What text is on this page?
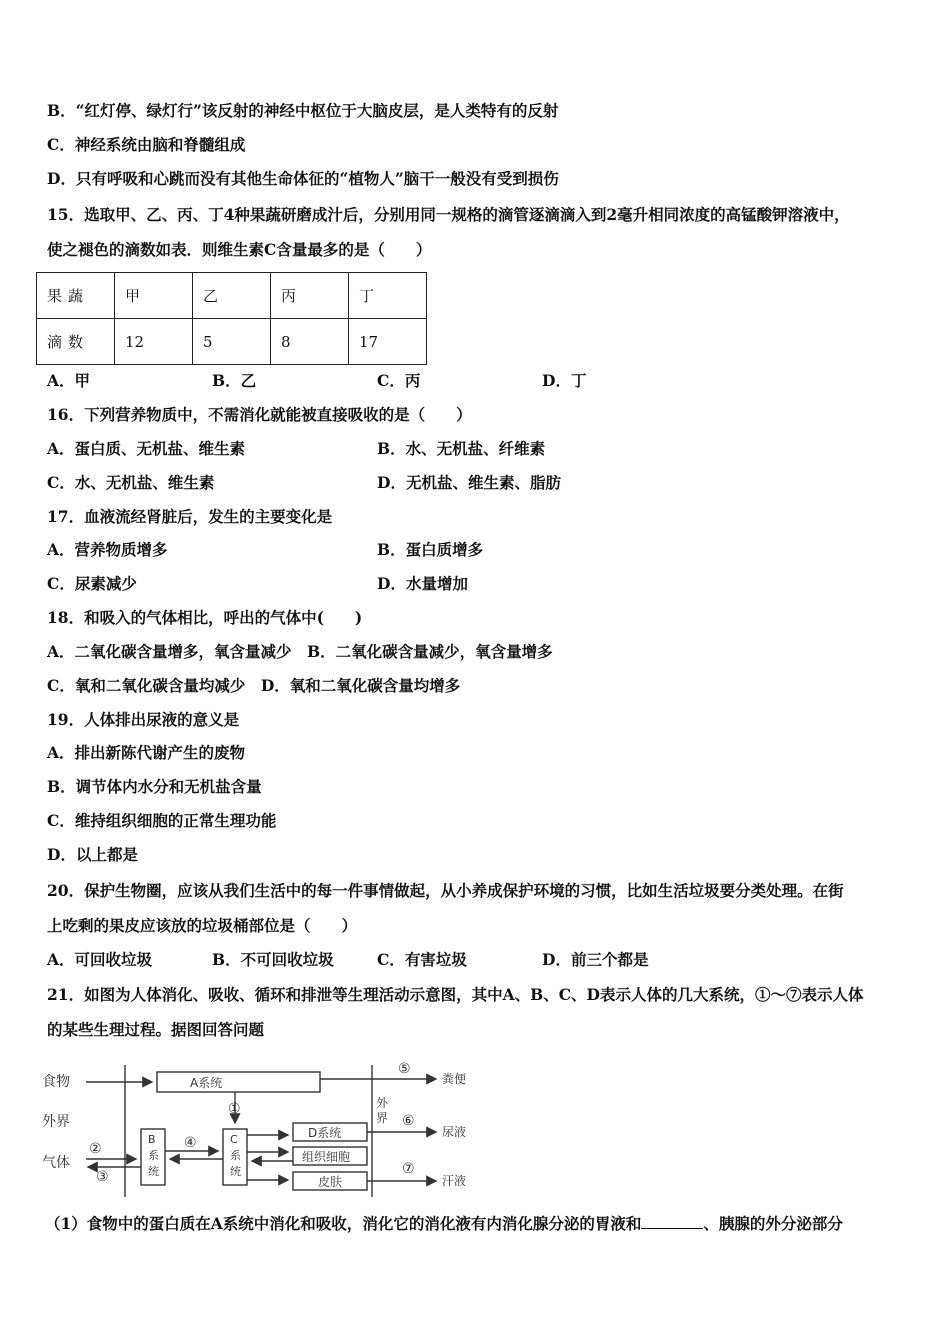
B．“红灯停、绿灯行”该反射的神经中枢位于大脑皮层，是人类特有的反射
C．神经系统由脑和脊髓组成
D．只有呼吸和心跳而没有其他生命体征的“植物人”脑干一般没有受到损伤
15．选取甲、乙、丙、丁4种果蔬研磨成汁后，分别用同一规格的滴管逐滴滴入到2毫升相同浓度的高锰酸钾溶液中，
使之褪色的滴数如表．则维生素C含量最多的是（　　）
果蔬	甲	乙	丙	丁
滴数	12	5	8	17
A．甲	B．乙	C．丙	D．丁
16．下列营养物质中，不需消化就能被直接吸收的是（　　）
A．蛋白质、无机盐、维生素	B．水、无机盐、纤维素
C．水、无机盐、维生素	D．无机盐、维生素、脂肪
17．血液流经肾脏后，发生的主要变化是
A．营养物质增多	B．蛋白质增多
C．尿素减少	D．水量增加
18．和吸入的气体相比，呼出的气体中(　　)
A．二氧化碳含量增多，氧含量减少　B．二氧化碳含量减少，氧含量增多
C．氧和二氧化碳含量均减少　D．氧和二氧化碳含量均增多
19．人体排出尿液的意义是
A．排出新陈代谢产生的废物
B．调节体内水分和无机盐含量
C．维持组织细胞的正常生理功能
D．以上都是
20．保护生物圈，应该从我们生活中的每一件事情做起，从小养成保护环境的习惯，比如生活垃圾要分类处理。在街
上吃剩的果皮应该放的垃圾桶部位是（　　）
A．可回收垃圾	B．不可回收垃圾	C．有害垃圾	D．前三个都是
21．如图为人体消化、吸收、循环和排泄等生理活动示意图，其中A、B、C、D表示人体的几大系统，①～⑦表示人体
的某些生理过程。据图回答问题
食物
外界
气体
A系统
①
②
③
④
⑤
⑥
⑦
B 系统
C 系统
D系统
组织细胞
皮肤
外界
粪便
尿液
汗液
（1）食物中的蛋白质在A系统中消化和吸收，消化它的消化液有内消化腺分泌的胃液和	、胰腺的外分泌部分
